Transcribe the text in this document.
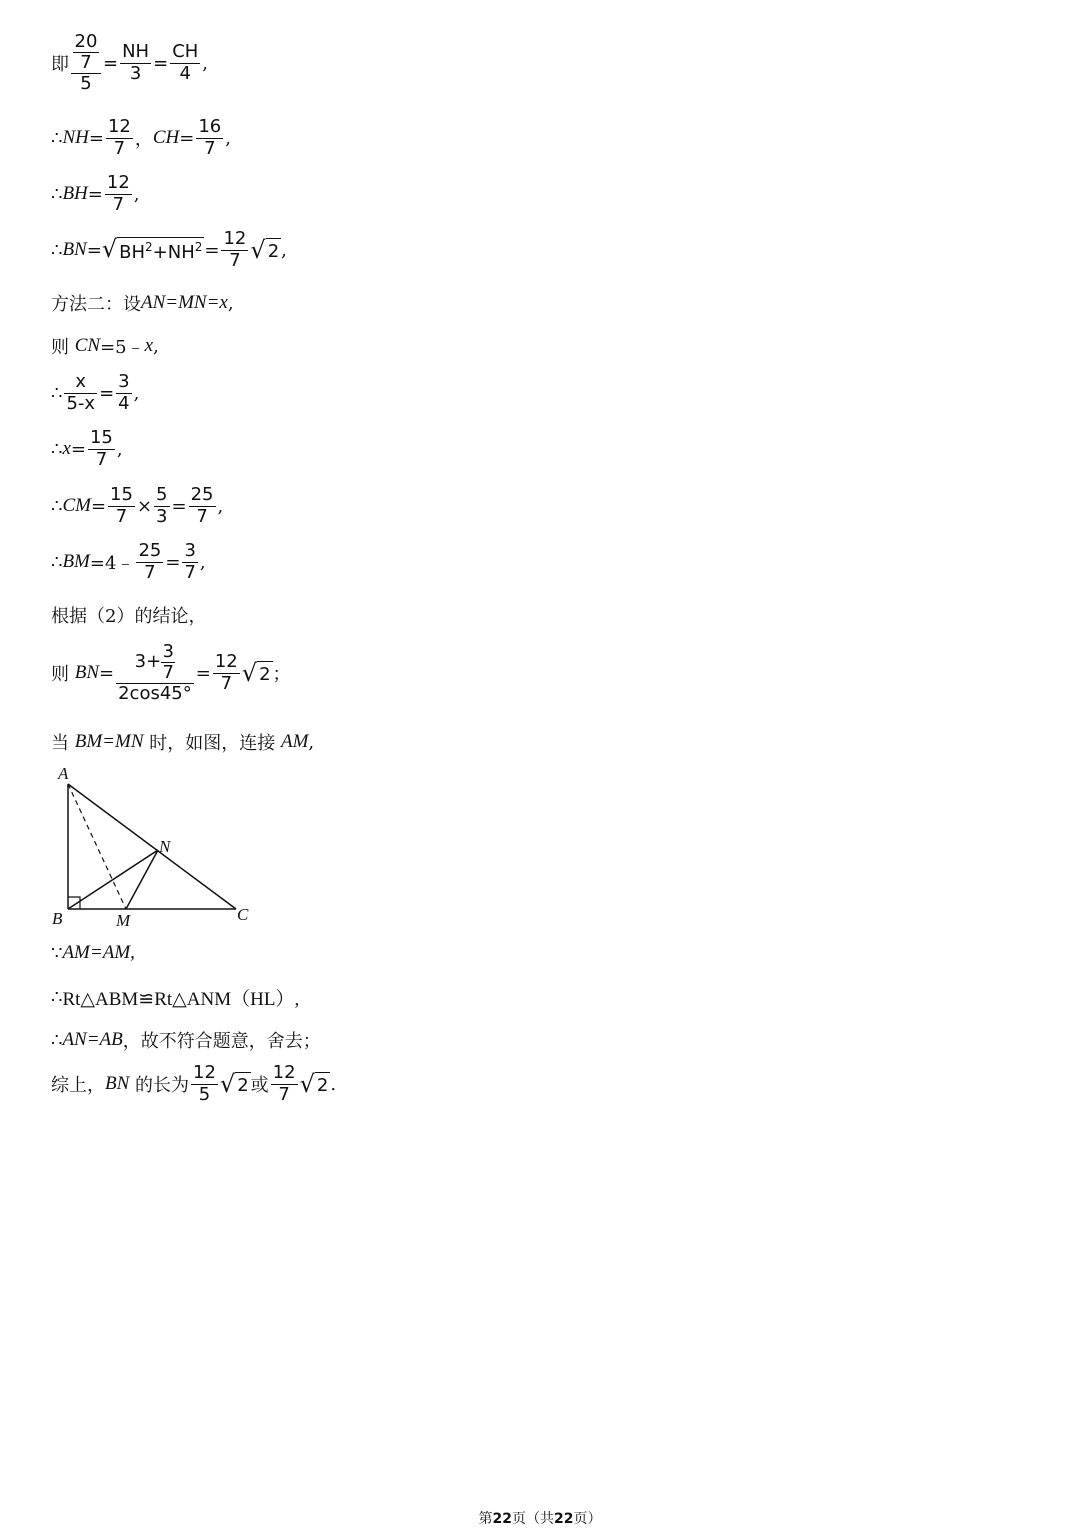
即 $\frac{\frac{20}{7}}{5} = \frac{NH}{3} = \frac{CH}{4}$ ,
∴ NH = $\frac{12}{7}$ ， CH = $\frac{16}{7}$ ,
∴ BH = $\frac{12}{7}$ ,
∴ BN = √ $BH^2+NH^2 = \frac{12}{7}$ √ 2 ,
方法二：设 AN=MN=x ,
则
CN =5﹣ x ,
∴ $\frac{x}{5-x} = \frac{3}{4}$ ,
∴ $x = \frac{15}{7}$ ,
∴ CM = $\frac{15}{7} \times \frac{5}{3} = \frac{25}{7}$ ,
∴ BM =4﹣ $\frac{25}{7} = \frac{3}{7}$ ,
根据（2）的结论，
则
BN = 3+ 3
7
$2\cos 45^\circ = \frac{12}{7}$ √ 2 ；
当
BM=MN
时，如图，连接
AM ,
A
B	M
N
C
∵ AM=AM,
∴ Rt△ABM≌Rt△ANM（HL）,
∴ AN=AB ，故不符合题意，舍去；
综上， BN
的长为 $\frac{12}{5}$ √ 2 或 $\frac{12}{7}$ √ 2 .
第22页（共22页）
